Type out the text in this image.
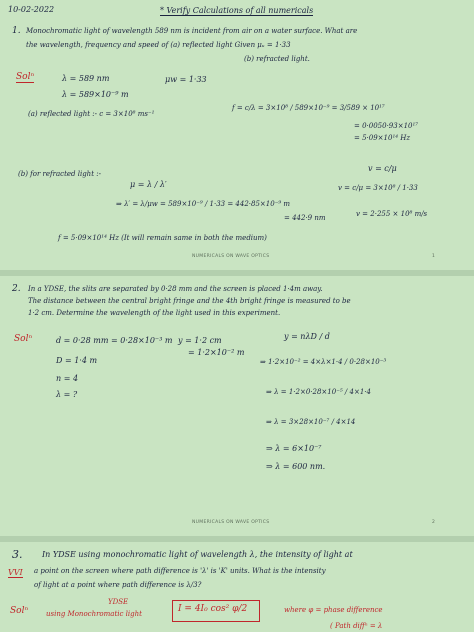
10-02-2022	* Verify Calculations of all numericals
1. Monochromatic light of wavelength 589 nm is incident from air on a water surface. What are
the wavelength, frequency and speed of (a) reflected light Given μᵤ = 1·33
(b) refracted light.
Solⁿ	λ = 589 nm	μw = 1·33
λ = 589×10⁻⁹ m
(a) reflected light :- c = 3×10⁸ ms⁻¹
f = c/λ = 3×10⁸ / 589×10⁻⁹ = 3/589 × 10¹⁷
= 0·0050·93×10¹⁷
= 5·09×10¹⁴ Hz
(b) for refracted light :-
μ = λ / λ′
v = c/μ
v = c/μ = 3×10⁸ / 1·33
⇒ λ′ = λ/μw = 589×10⁻⁹ / 1·33 = 442·85×10⁻⁹ m
= 442·9 nm	v = 2·255 × 10⁸ m/s
f = 5·09×10¹⁴ Hz (It will remain same in both the medium)
NUMERICALS ON WAVE OPTICS	1
2. In a YDSE, the slits are separated by 0·28 mm and the screen is placed 1·4m away.
The distance between the central bright fringe and the 4th bright fringe is measured to be
1·2 cm. Determine the wavelength of the light used in this experiment.
Solⁿ	d = 0·28 mm = 0·28×10⁻³ m y = 1·2 cm
= 1·2×10⁻² m
D = 1·4 m
n = 4
λ = ?
y = nλD / d
⇒ 1·2×10⁻² = 4×λ×1·4 / 0·28×10⁻³
⇒ λ = 1·2×0·28×10⁻⁵ / 4×1·4
⇒ λ = 3×28×10⁻⁷ / 4×14
⇒ λ = 6×10⁻⁷
⇒ λ = 600 nm.
NUMERICALS ON WAVE OPTICS	2
3.
VVI
In YDSE using monochromatic light of wavelength λ, the intensity of light at
a point on the screen where path difference is 'λ' is 'K' units. What is the intensity
of light at a point where path difference is λ/3?
Solⁿ
YDSE
using Monochromatic light	I = 4I₀ cos² φ/2	where φ = phase difference
( Path diffⁿ = λ
